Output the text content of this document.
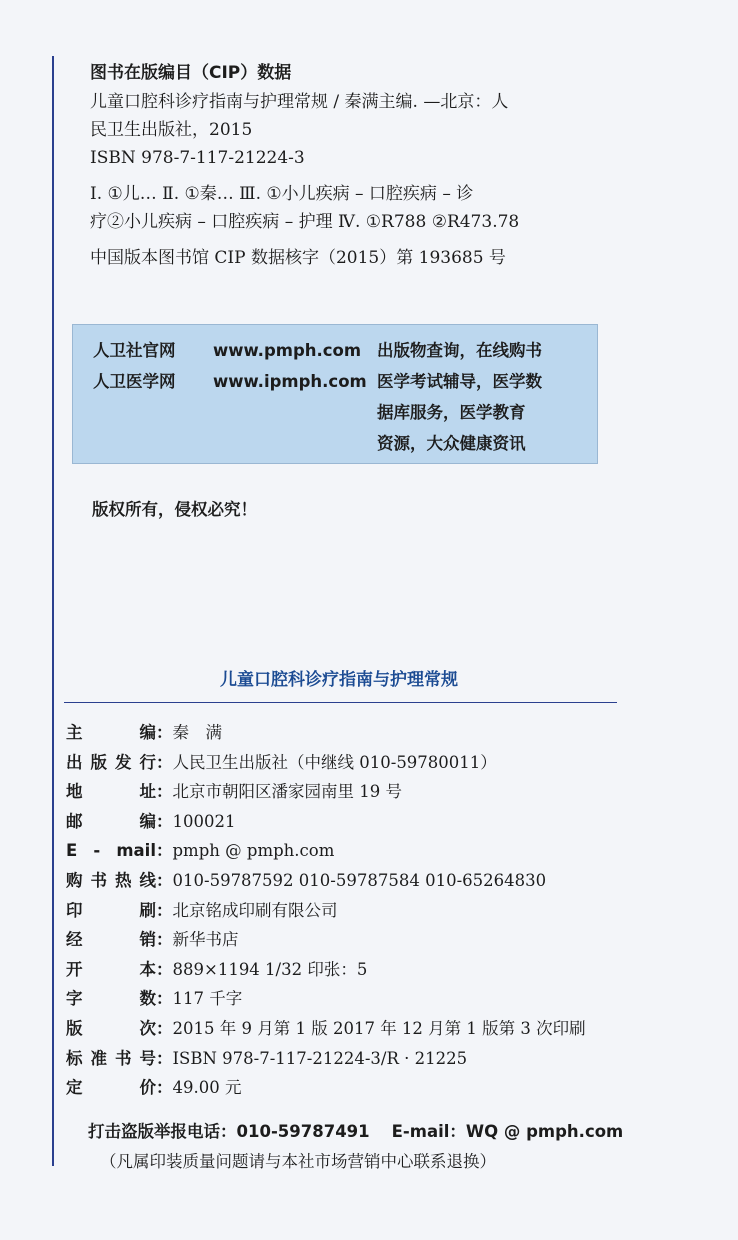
图书在版编目（CIP）数据
儿童口腔科诊疗指南与护理常规 / 秦满主编. —北京：人
民卫生出版社，2015
ISBN 978-7-117-21224-3
Ⅰ. ①儿… Ⅱ. ①秦… Ⅲ. ①小儿疾病 – 口腔疾病 – 诊
疗②小儿疾病 – 口腔疾病 – 护理 Ⅳ. ①R788 ②R473.78
中国版本图书馆 CIP 数据核字（2015）第 193685 号
人卫社官网 www.pmph.com
人卫医学网 www.ipmph.com
出版物查询，在线购书
医学考试辅导，医学数
据库服务，医学教育
资源，大众健康资讯
版权所有，侵权必究！
儿童口腔科诊疗指南与护理常规
主　　编：秦　满
出版发行：人民卫生出版社（中继线 010-59780011）
地　　址：北京市朝阳区潘家园南里 19 号
邮　　编：100021
E - mail：pmph @ pmph.com
购书热线：010-59787592 010-59787584 010-65264830
印　　刷：北京铭成印刷有限公司
经　　销：新华书店
开　　本：889×1194 1/32 印张：5
字　　数：117 千字
版　　次：2015 年 9 月第 1 版 2017 年 12 月第 1 版第 3 次印刷
标准书号：ISBN 978-7-117-21224-3/R · 21225
定　　价：49.00 元
打击盗版举报电话：010-59787491 E-mail：WQ @ pmph.com
（凡属印装质量问题请与本社市场营销中心联系退换）
